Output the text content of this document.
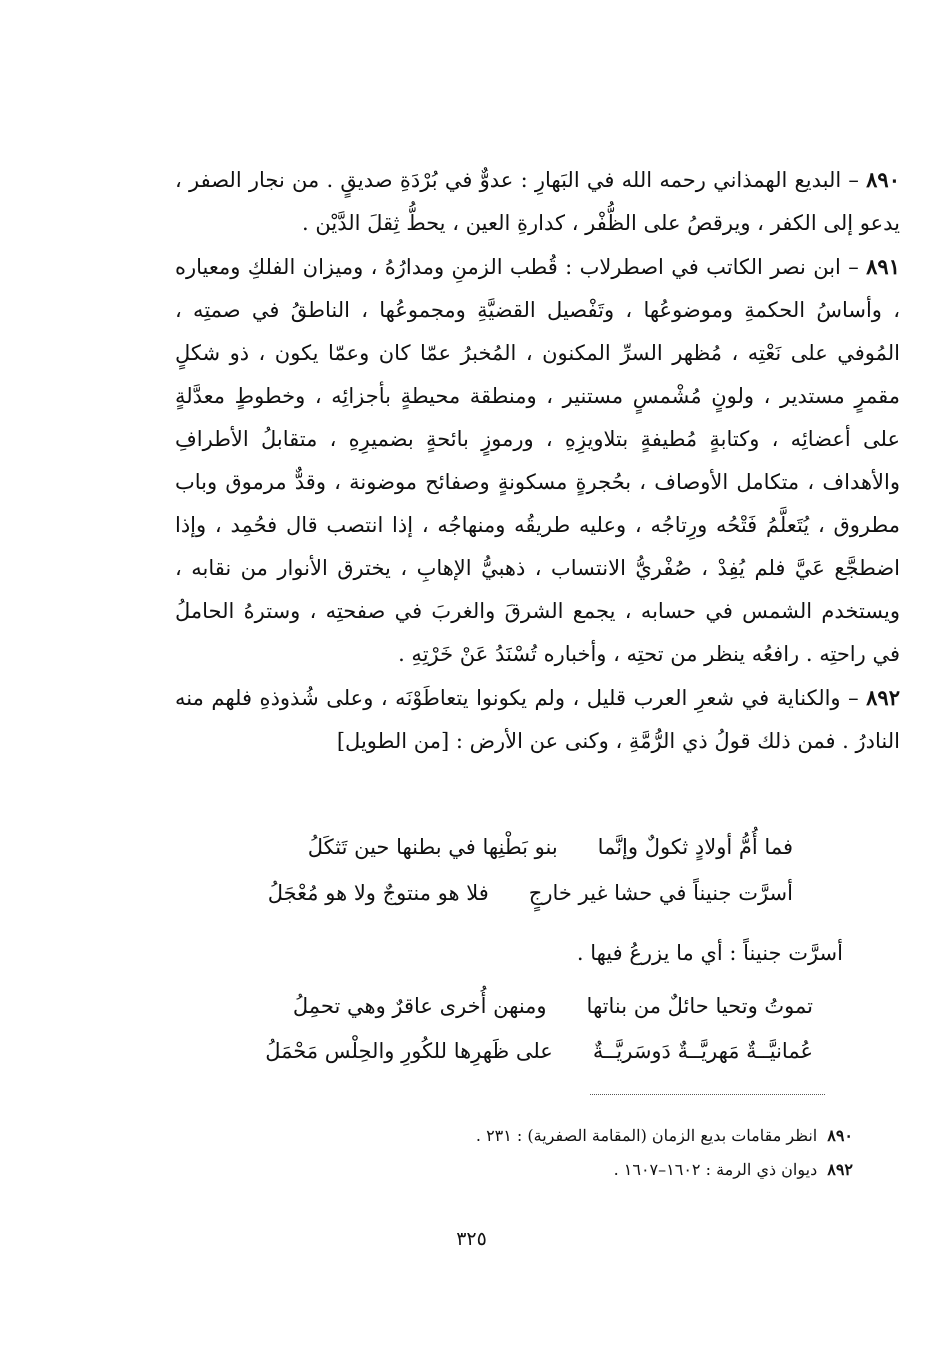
٨٩٠ – البديع الهمذاني رحمه الله في البَهارِ : عدوٌّ في بُرْدَةِ صديقٍ . من نجار الصفر ، يدعو إلى الكفر ، ويرقصُ على الظُّفْر ، كدارةِ العين ، يحطُّ ثِقلَ الدَّيْن .

٨٩١ – ابن نصر الكاتب في اصطرلاب : قُطب الزمنِ ومدارُهُ ، وميزان الفلكِ ومعياره ، وأساسُ الحكمةِ وموضوعُها ، وتَفْصيل القضيَّةِ ومجموعُها ، الناطقُ في صمتِه ، المُوفي على نَعْتِه ، مُظهر السرِّ المكنون ، المُخبرُ عمّا كان وعمّا يكون ، ذو شكلٍ مقمرٍ مستدير ، ولونٍ مُشْمسٍ مستنير ، ومنطقة محيطةٍ بأجزائِه ، وخطوطٍ معدَّلةٍ على أعضائِه ، وكتابةٍ مُطيفةٍ بتلاويزِهِ ، ورموزٍ بائحةٍ بضميرِهِ ، متقابلُ الأطرافِ والأهداف ، متكامل الأوصاف ، بحُجرةٍ مسكونةٍ وصفائح موضونة ، وقدٌّ مرموق وباب مطروق ، يُتَعلَّمُ فَتْحُه ورِتاجُه ، وعليه طريقُه ومنهاجُه ، إذا انتصب قال فحُمِد ، وإذا اضطجَّع عَيَّ فلم يُفِدْ ، صُفْريُّ الانتساب ، ذهبيُّ الإهابِ ، يخترق الأنوار من نقابه ، ويستخدم الشمس في حسابه ، يجمع الشرقَ والغربَ في صفحتِه ، وسترهُ الحاملُ في راحتِه . رافعُه ينظر من تحتِه ، وأخباره تُسْنَدُ عَنْ خَرْتِهِ .

٨٩٢ – والكناية في شعرِ العرب قليل ، ولم يكونوا يتعاطَوْنَه ، وعلى شُذوذهِ فلهم منه النادرُ . فمن ذلك قولُ ذي الرُّمَّةِ ، وكنى عن الأرض : [من الطويل]

فما أُمُّ أولادٍ ثكولٌ وإنَّما
بنو بَطْنِها في بطنها حين تَثكَلُ
أسرَّت جنيناً في حشا غير خارجٍ
فلا هو منتوجٌ ولا هو مُعْجَلُ
أسرَّت جنيناً : أي ما يزرعُ فيها .
تموتُ وتحيا حائلٌ من بناتها
ومنهن أُخرى عاقرٌ وهي تحمِلُ
عُمانيَّــةٌ مَهريَّــةٌ دَوسَريَّــةٌ
على ظَهرِها للكُورِ والحِلْس مَحْمَلُ
٨٩٠انظر مقامات بديع الزمان (المقامة الصفرية) : ٢٣١ .
٨٩٢ديوان ذي الرمة : ١٦٠٢–١٦٠٧ .
٣٢٥
